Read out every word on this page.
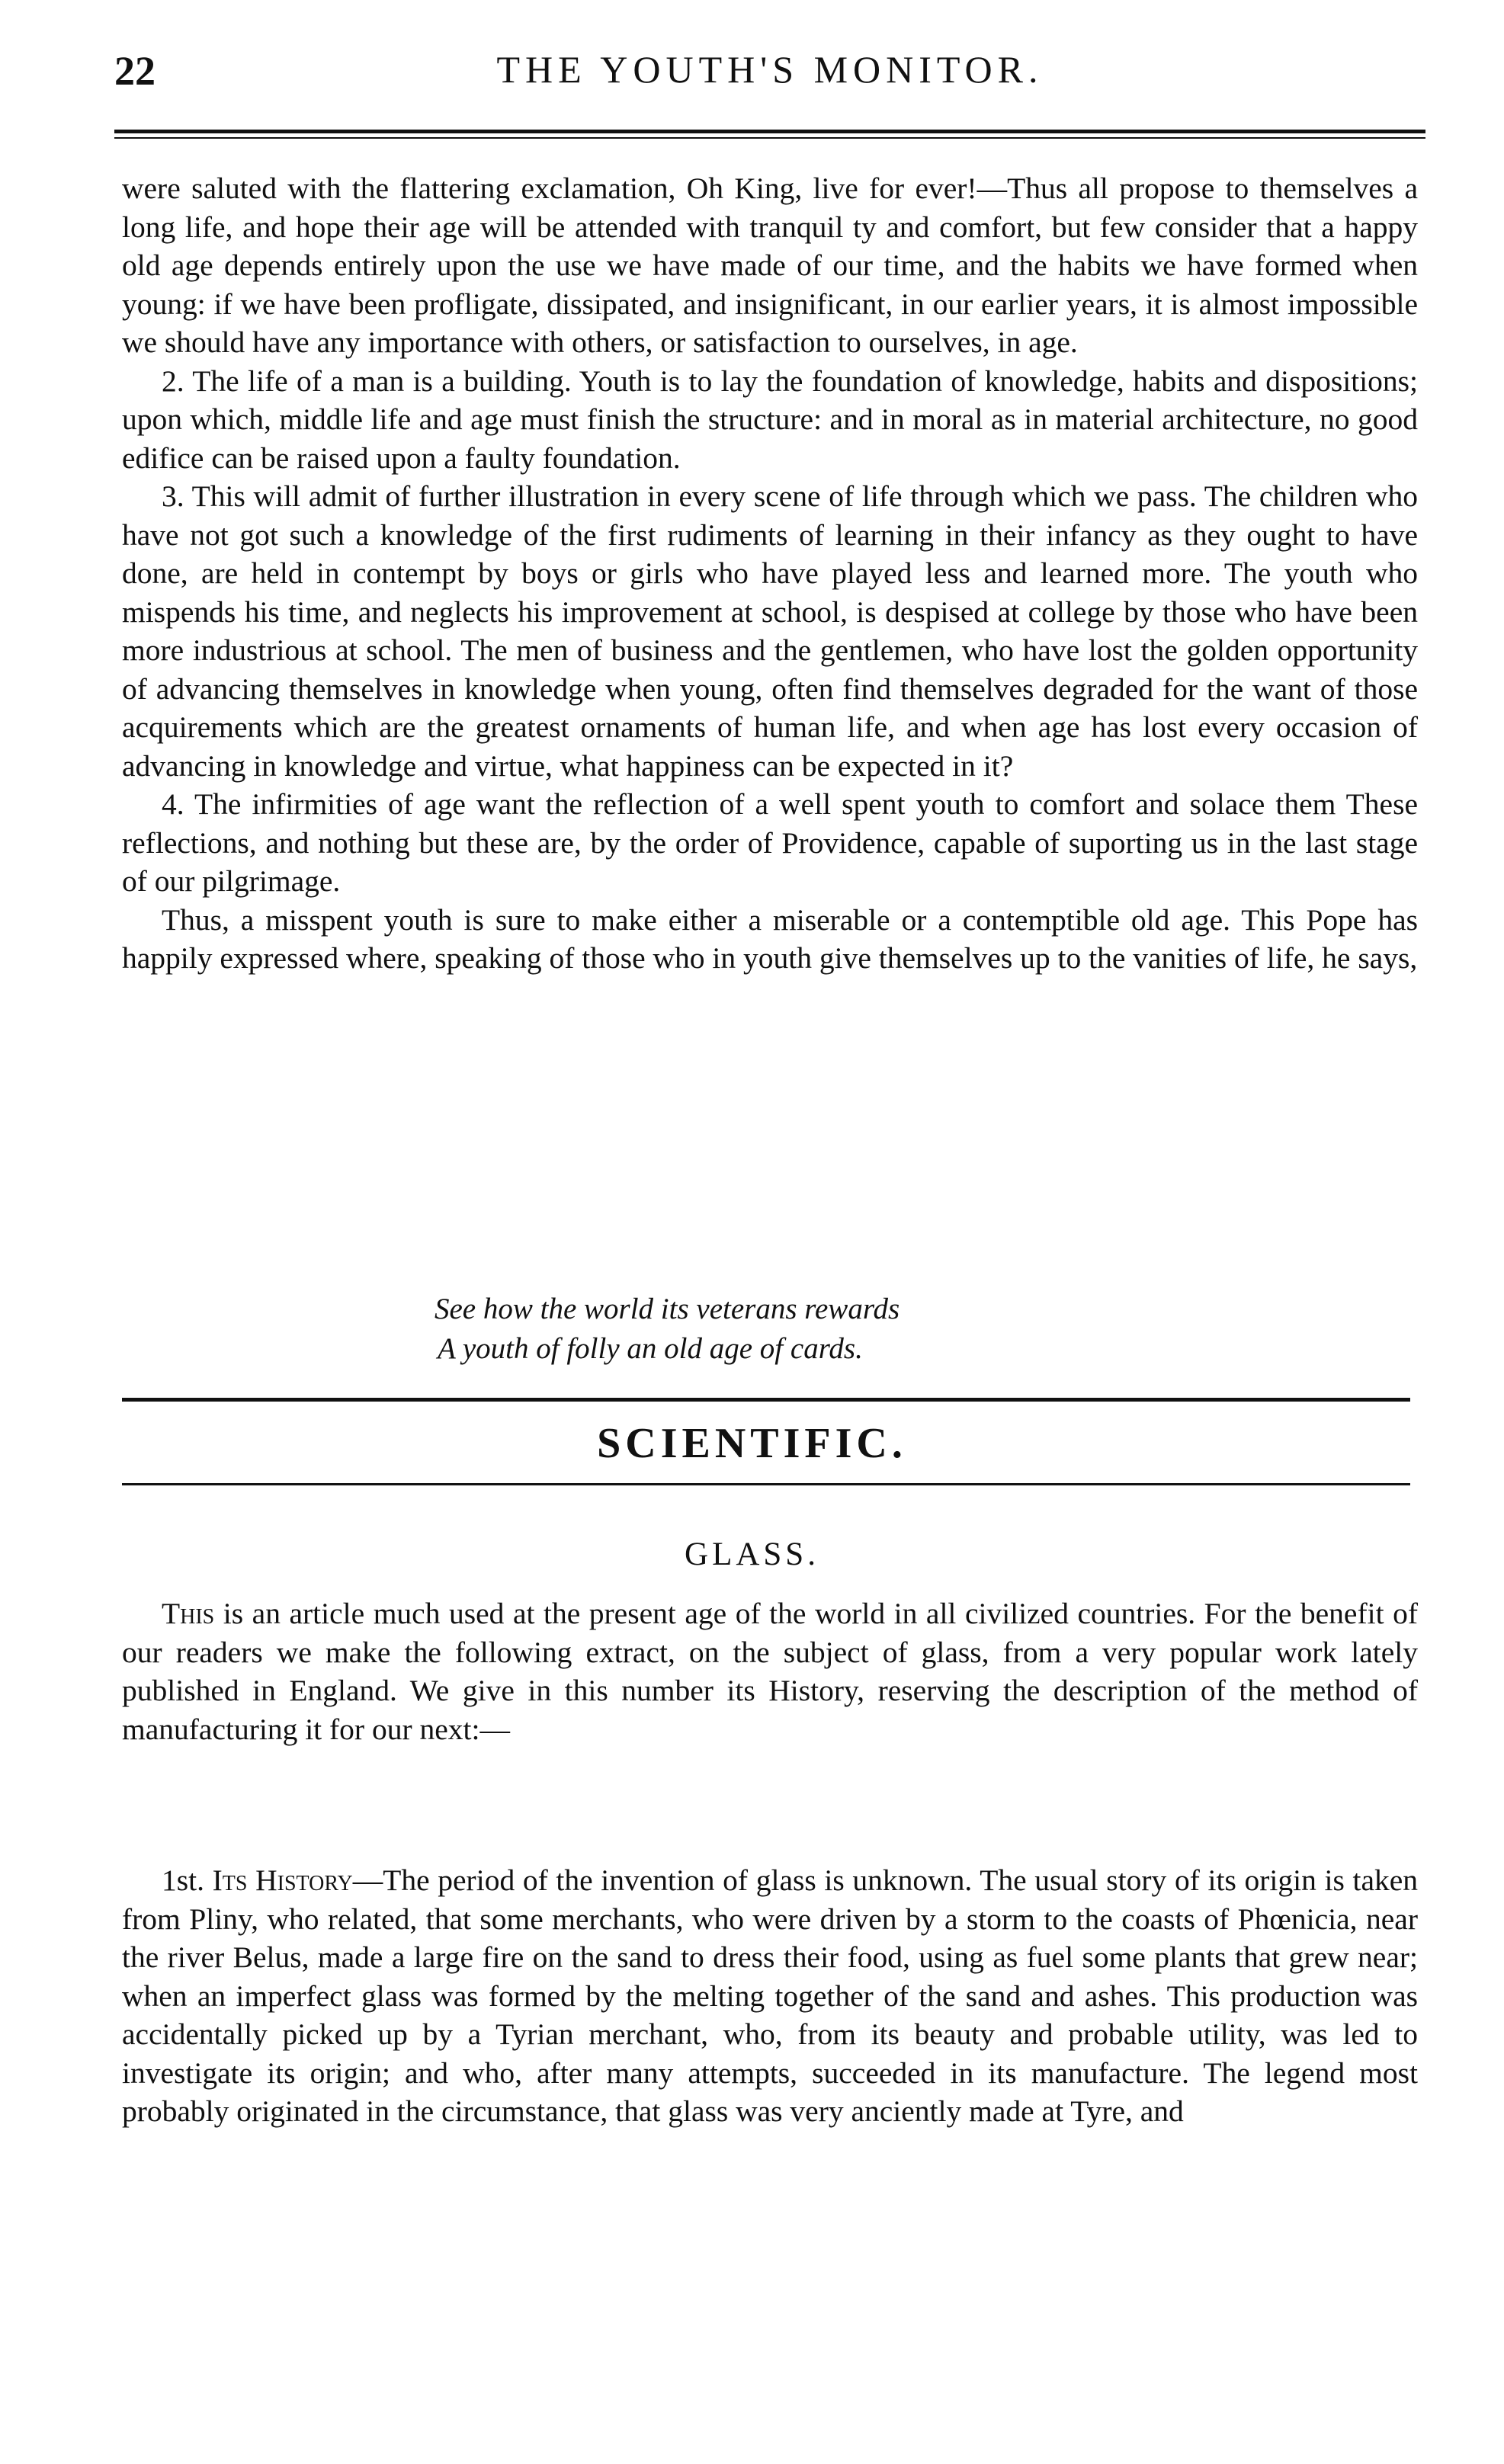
22	THE YOUTH'S MONITOR.

were saluted with the flattering exclamation, Oh King, live for ever!—Thus all propose to themselves a long life, and hope their age will be attended with tranquil ty and comfort, but few consider that a happy old age depends entirely upon the use we have made of our time, and the habits we have formed when young: if we have been profligate, dissipated, and insignificant, in our earlier years, it is almost impossible we should have any importance with others, or satisfaction to ourselves, in age.

2. The life of a man is a building. Youth is to lay the foundation of knowledge, habits and dispositions; upon which, middle life and age must finish the structure: and in moral as in material architecture, no good edifice can be raised upon a faulty foundation.

3. This will admit of further illustration in every scene of life through which we pass. The children who have not got such a knowledge of the first rudiments of learning in their infancy as they ought to have done, are held in contempt by boys or girls who have played less and learned more. The youth who mispends his time, and neglects his improvement at school, is despised at college by those who have been more industrious at school. The men of business and the gentlemen, who have lost the golden opportunity of advancing themselves in knowledge when young, often find themselves degraded for the want of those acquirements which are the greatest ornaments of human life, and when age has lost every occasion of advancing in knowledge and virtue, what happiness can be expected in it?

4. The infirmities of age want the reflection of a well spent youth to comfort and solace them These reflections, and nothing but these are, by the order of Providence, capable of suporting us in the last stage of our pilgrimage.

Thus, a misspent youth is sure to make either a miserable or a contemptible old age. This Pope has happily expressed where, speaking of those who in youth give themselves up to the vanities of life, he says,

See how the world its veterans rewards
A youth of folly an old age of cards.
SCIENTIFIC.
GLASS.

This is an article much used at the present age of the world in all civilized countries. For the benefit of our readers we make the following extract, on the subject of glass, from a very popular work lately published in England. We give in this number its History, reserving the description of the method of manufacturing it for our next:—

1st. Its History—The period of the invention of glass is unknown. The usual story of its origin is taken from Pliny, who related, that some merchants, who were driven by a storm to the coasts of Phœnicia, near the river Belus, made a large fire on the sand to dress their food, using as fuel some plants that grew near; when an imperfect glass was formed by the melting together of the sand and ashes. This production was accidentally picked up by a Tyrian merchant, who, from its beauty and probable utility, was led to investigate its origin; and who, after many attempts, succeeded in its manufacture. The legend most probably originated in the circumstance, that glass was very anciently made at Tyre, and
